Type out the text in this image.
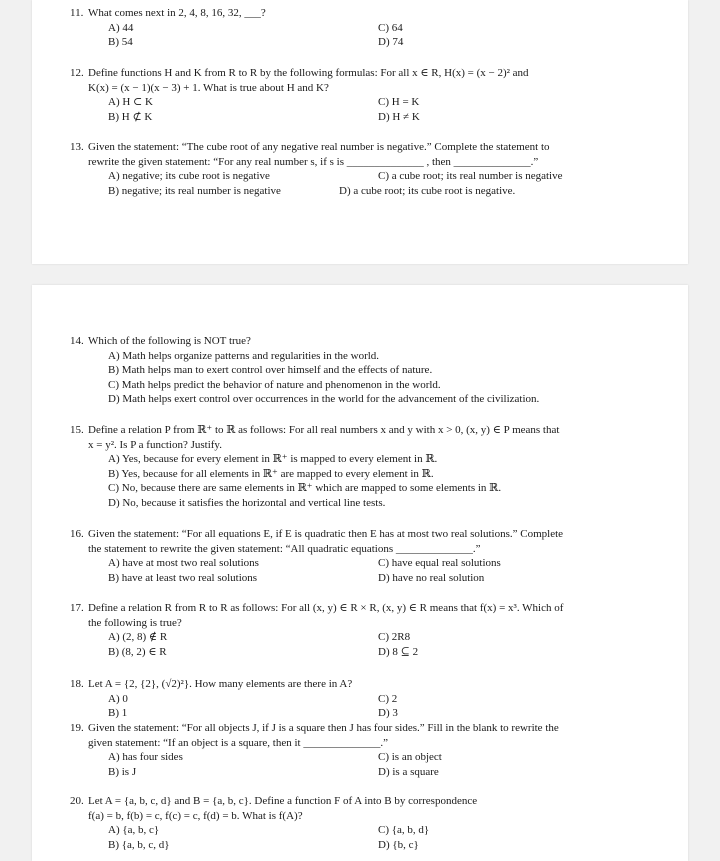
11. What comes next in 2, 4, 8, 16, 32, ___?
A) 44	C) 64
B) 54	D) 74
12. Define functions H and K from R to R by the following formulas: For all x ∈ R, H(x) = (x − 2)² and
K(x) = (x − 1)(x − 3) + 1. What is true about H and K?
A) H ⊂ K	C) H = K
B) H ⊄ K	D) H ≠ K
13. Given the statement: “The cube root of any negative real number is negative.” Complete the statement to
rewrite the given statement: “For any real number s, if s is ______________ , then ______________.”
A) negative; its cube root is negative	C) a cube root; its real number is negative
B) negative; its real number is negative	D) a cube root; its cube root is negative.
14. Which of the following is NOT true?
A) Math helps organize patterns and regularities in the world.
B) Math helps man to exert control over himself and the effects of nature.
C) Math helps predict the behavior of nature and phenomenon in the world.
D) Math helps exert control over occurrences in the world for the advancement of the civilization.
15. Define a relation P from ℝ⁺ to ℝ as follows: For all real numbers x and y with x > 0, (x, y) ∈ P means that
x = y². Is P a function? Justify.
A) Yes, because for every element in ℝ⁺ is mapped to every element in ℝ.
B) Yes, because for all elements in ℝ⁺ are mapped to every element in ℝ.
C) No, because there are same elements in ℝ⁺ which are mapped to some elements in ℝ.
D) No, because it satisfies the horizontal and vertical line tests.
16. Given the statement: “For all equations E, if E is quadratic then E has at most two real solutions.” Complete
the statement to rewrite the given statement: “All quadratic equations ______________.”
A) have at most two real solutions	C) have equal real solutions
B) have at least two real solutions	D) have no real solution
17. Define a relation R from R to R as follows: For all (x, y) ∈ R × R, (x, y) ∈ R means that f(x) = x³. Which of
the following is true?
A) (2, 8) ∉ R	C) 2R8
B) (8, 2) ∈ R	D) 8 ⊆ 2
18. Let A = {2, {2}, (√2)²}. How many elements are there in A?
A) 0	C) 2
B) 1	D) 3
19. Given the statement: “For all objects J, if J is a square then J has four sides.” Fill in the blank to rewrite the
given statement: “If an object is a square, then it ______________.”
A) has four sides	C) is an object
B) is J	D) is a square
20. Let A = {a, b, c, d} and B = {a, b, c}. Define a function F of A into B by correspondence
f(a) = b, f(b) = c, f(c) = c, f(d) = b. What is f(A)?
A) {a, b, c}	C) {a, b, d}
B) {a, b, c, d}	D) {b, c}
